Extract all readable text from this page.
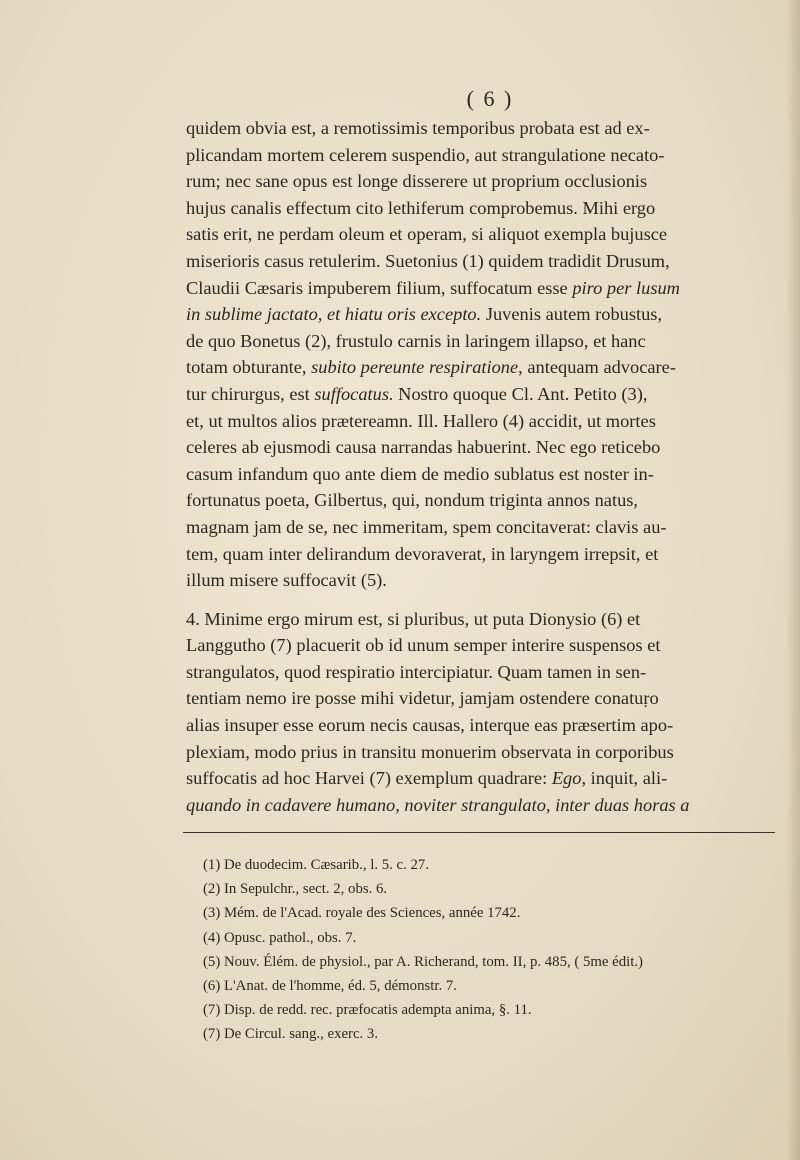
( 6 )
quidem obvia est, a remotissimis temporibus probata est ad ex-
plicandam mortem celerem suspendio, aut strangulatione necato-
rum; nec sane opus est longe disserere ut proprium occlusionis
hujus canalis effectum cito lethiferum comprobemus. Mihi ergo
satis erit, ne perdam oleum et operam, si aliquot exempla bujusce
miserioris casus retulerim. Suetonius (1) quidem tradidit Drusum,
Claudii Cæsaris impuberem filium, suffocatum esse piro per lusum
in sublime jactato, et hiatu oris excepto. Juvenis autem robustus,
de quo Bonetus (2), frustulo carnis in laringem illapso, et hanc
totam obturante, subito pereunte respiratione, antequam advocare-
tur chirurgus, est suffocatus. Nostro quoque Cl. Ant. Petito (3),
et, ut multos alios prætereamn. Ill. Hallero (4) accidit, ut mortes
celeres ab ejusmodi causa narrandas habuerint. Nec ego reticebo
casum infandum quo ante diem de medio sublatus est noster in-
fortunatus poeta, Gilbertus, qui, nondum triginta annos natus,
magnam jam de se, nec immeritam, spem concitaverat: clavis au-
tem, quam inter delirandum devoraverat, in laryngem irrepsit, et
illum misere suffocavit (5).
4. Minime ergo mirum est, si pluribus, ut puta Dionysio (6) et
Langgutho (7) placuerit ob id unum semper interire suspensos et
strangulatos, quod respiratio intercipiatur. Quam tamen in sen-
tentiam nemo ire posse mihi videtur, jamjam ostendere conatuṛo
alias insuper esse eorum necis causas, interque eas præsertim apo-
plexiam, modo prius in transitu monuerim observata in corporibus
suffocatis ad hoc Harvei (7) exemplum quadrare: Ego, inquit, ali-
quando in cadavere humano, noviter strangulato, inter duas horas a
(1) De duodecim. Cæsarib., l. 5. c. 27.
(2) In Sepulchr., sect. 2, obs. 6.
(3) Mém. de l'Acad. royale des Sciences, année 1742.
(4) Opusc. pathol., obs. 7.
(5) Nouv. Élém. de physiol., par A. Richerand, tom. II, p. 485, ( 5me édit.)
(6) L'Anat. de l'homme, éd. 5, démonstr. 7.
(7) Disp. de redd. rec. præfocatis adempta anima, §. 11.
(7) De Circul. sang., exerc. 3.
